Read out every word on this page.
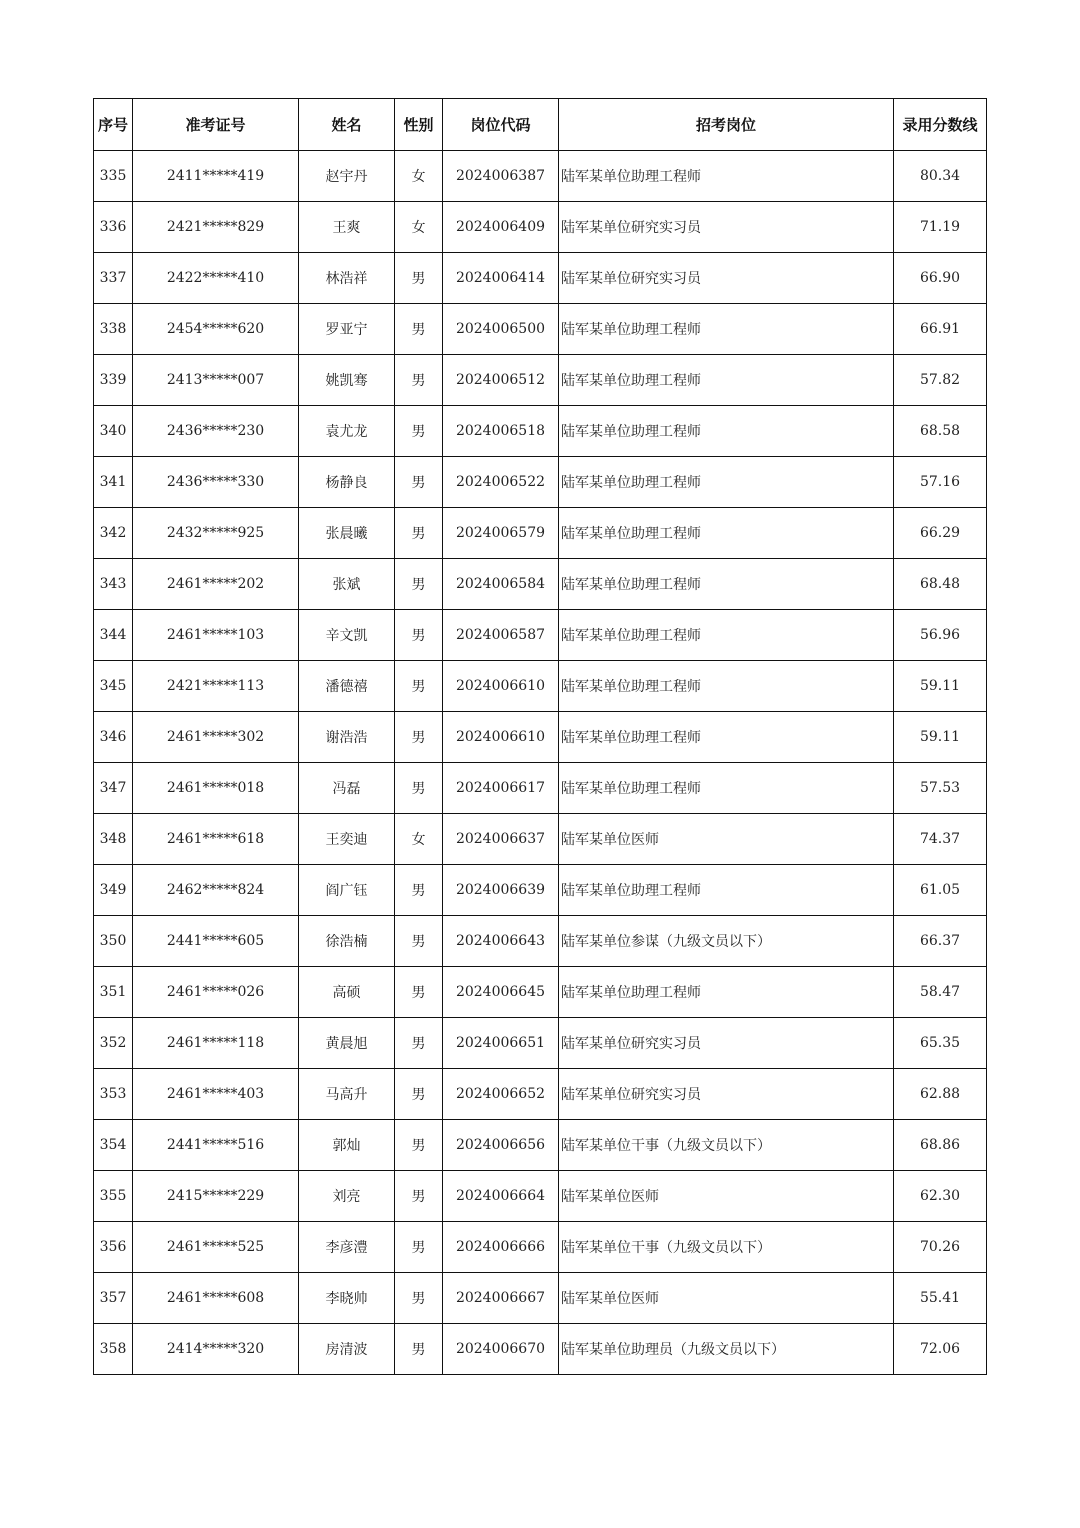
序号	准考证号	姓名	性别	岗位代码	招考岗位	录用分数线
335	2411*****419	赵宇丹	女	2024006387	陆军某单位助理工程师	80.34
336	2421*****829	王爽	女	2024006409	陆军某单位研究实习员	71.19
337	2422*****410	林浩祥	男	2024006414	陆军某单位研究实习员	66.90
338	2454*****620	罗亚宁	男	2024006500	陆军某单位助理工程师	66.91
339	2413*****007	姚凯骞	男	2024006512	陆军某单位助理工程师	57.82
340	2436*****230	袁尤龙	男	2024006518	陆军某单位助理工程师	68.58
341	2436*****330	杨静良	男	2024006522	陆军某单位助理工程师	57.16
342	2432*****925	张晨曦	男	2024006579	陆军某单位助理工程师	66.29
343	2461*****202	张斌	男	2024006584	陆军某单位助理工程师	68.48
344	2461*****103	辛文凯	男	2024006587	陆军某单位助理工程师	56.96
345	2421*****113	潘德禧	男	2024006610	陆军某单位助理工程师	59.11
346	2461*****302	谢浩浩	男	2024006610	陆军某单位助理工程师	59.11
347	2461*****018	冯磊	男	2024006617	陆军某单位助理工程师	57.53
348	2461*****618	王奕迪	女	2024006637	陆军某单位医师	74.37
349	2462*****824	阎广钰	男	2024006639	陆军某单位助理工程师	61.05
350	2441*****605	徐浩楠	男	2024006643	陆军某单位参谋（九级文员以下）	66.37
351	2461*****026	高硕	男	2024006645	陆军某单位助理工程师	58.47
352	2461*****118	黄晨旭	男	2024006651	陆军某单位研究实习员	65.35
353	2461*****403	马高升	男	2024006652	陆军某单位研究实习员	62.88
354	2441*****516	郭灿	男	2024006656	陆军某单位干事（九级文员以下）	68.86
355	2415*****229	刘亮	男	2024006664	陆军某单位医师	62.30
356	2461*****525	李彦澧	男	2024006666	陆军某单位干事（九级文员以下）	70.26
357	2461*****608	李晓帅	男	2024006667	陆军某单位医师	55.41
358	2414*****320	房清波	男	2024006670	陆军某单位助理员（九级文员以下）	72.06
